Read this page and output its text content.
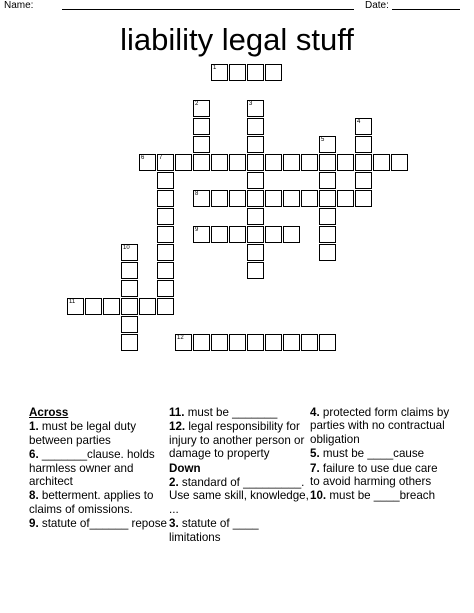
Name:	Date:
liability legal stuff
1
2	3
4
5
6 7
8
9
10
11
12
Across
1. must be legal duty between parties
6. _______clause. holds harmless owner and architect
8. betterment. applies to claims of omissions.
9. statute of______ repose
11. must be _______
12. legal responsibility for injury to another person or damage to property
Down
2. standard of _________. Use same skill, knowledge, ...
3. statute of ____ limitations
4. protected form claims by parties with no contractual obligation
5. must be ____cause
7. failure to use due care to avoid harming others
10. must be ____breach
